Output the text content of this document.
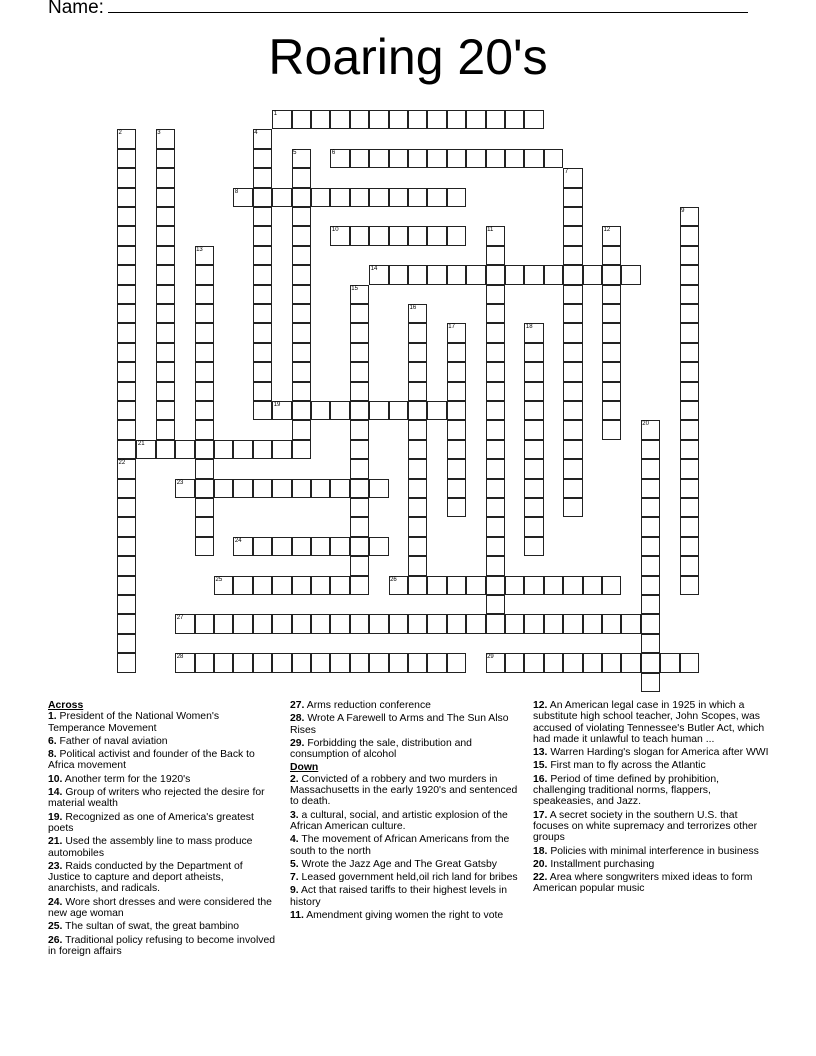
Name:
Roaring 20's
1
2	3	4
5	6
7
8
9
10	11	12
13
14
15
16
17	18
19
20
21
22
23
24
25	26
27
28	29
Across
1. President of the National Women's Temperance Movement
6. Father of naval aviation
8. Political activist and founder of the Back to Africa movement
10. Another term for the 1920's
14. Group of writers who rejected the desire for material wealth
19. Recognized as one of America's greatest poets
21. Used the assembly line to mass produce automobiles
23. Raids conducted by the Department of Justice to capture and deport atheists, anarchists, and radicals.
24. Wore short dresses and were considered the new age woman
25. The sultan of swat, the great bambino
26. Traditional policy refusing to become involved in foreign affairs
27. Arms reduction conference
28. Wrote A Farewell to Arms and The Sun Also Rises
29. Forbidding the sale, distribution and consumption of alcohol
Down
2. Convicted of a robbery and two murders in Massachusetts in the early 1920's and sentenced to death.
3. a cultural, social, and artistic explosion of the African American culture.
4. The movement of African Americans from the south to the north
5. Wrote the Jazz Age and The Great Gatsby
7. Leased government held,oil rich land for bribes
9. Act that raised tariffs to their highest levels in history
11. Amendment giving women the right to vote
12. An American legal case in 1925 in which a substitute high school teacher, John Scopes, was accused of violating Tennessee's Butler Act, which had made it unlawful to teach human ...
13. Warren Harding's slogan for America after WWI
15. First man to fly across the Atlantic
16. Period of time defined by prohibition, challenging traditional norms, flappers, speakeasies, and Jazz.
17. A secret society in the southern U.S. that focuses on white supremacy and terrorizes other groups
18. Policies with minimal interference in business
20. Installment purchasing
22. Area where songwriters mixed ideas to form American popular music
